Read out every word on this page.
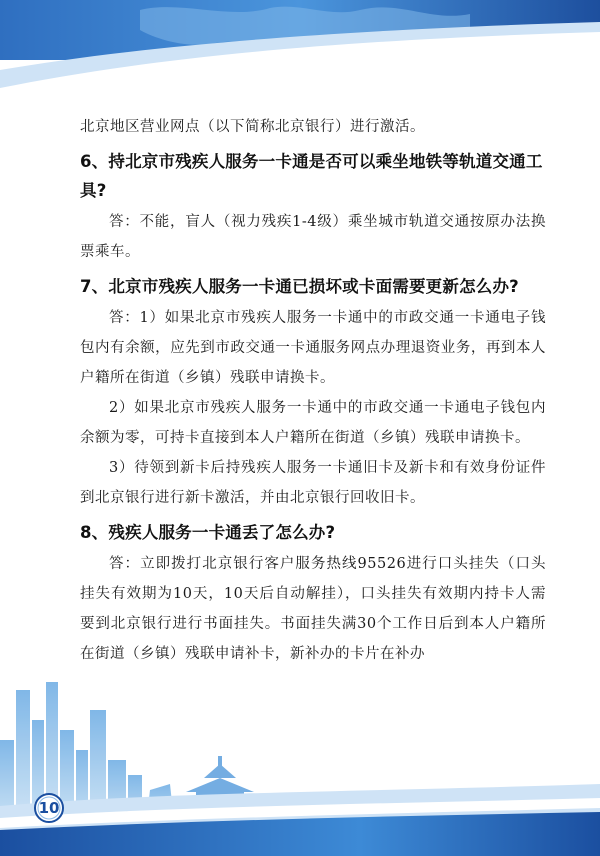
北京地区营业网点（以下简称北京银行）进行激活。

6、持北京市残疾人服务一卡通是否可以乘坐地铁等轨道交通工具?

答：不能，盲人（视力残疾1-4级）乘坐城市轨道交通按原办法换票乘车。

7、北京市残疾人服务一卡通已损坏或卡面需要更新怎么办?

答：1）如果北京市残疾人服务一卡通中的市政交通一卡通电子钱包内有余额，应先到市政交通一卡通服务网点办理退资业务，再到本人户籍所在街道（乡镇）残联申请换卡。

2）如果北京市残疾人服务一卡通中的市政交通一卡通电子钱包内余额为零，可持卡直接到本人户籍所在街道（乡镇）残联申请换卡。

3）待领到新卡后持残疾人服务一卡通旧卡及新卡和有效身份证件到北京银行进行新卡激活，并由北京银行回收旧卡。

8、残疾人服务一卡通丢了怎么办?

答：立即拨打北京银行客户服务热线95526进行口头挂失（口头挂失有效期为10天，10天后自动解挂），口头挂失有效期内持卡人需要到北京银行进行书面挂失。书面挂失满30个工作日后到本人户籍所在街道（乡镇）残联申请补卡，新补办的卡片在补办

10
